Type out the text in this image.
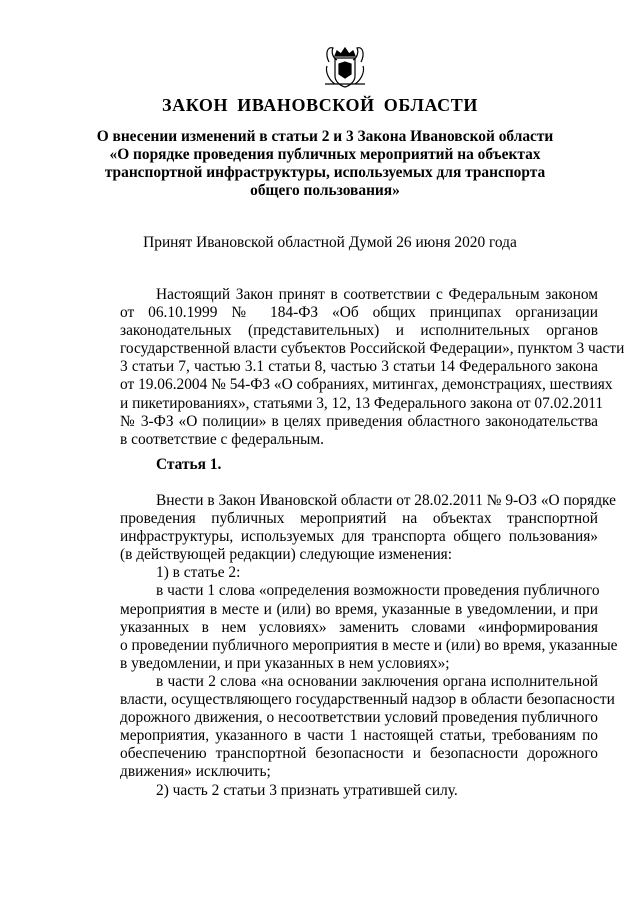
ЗАКОН ИВАНОВСКОЙ ОБЛАСТИ
О внесении изменений в статьи 2 и 3 Закона Ивановской области
«О порядке проведения публичных мероприятий на объектах
транспортной инфраструктуры, используемых для транспорта
общего пользования»
Принят Ивановской областной Думой 26 июня 2020 года
Настоящий Закон принят в соответствии с Федеральным законом
от 06.10.1999 № 184-ФЗ «Об общих принципах организации
законодательных (представительных) и исполнительных органов
государственной власти субъектов Российской Федерации», пунктом 3 части
3 статьи 7, частью 3.1 статьи 8, частью 3 статьи 14 Федерального закона
от 19.06.2004 № 54-ФЗ «О собраниях, митингах, демонстрациях, шествиях
и пикетированиях», статьями 3, 12, 13 Федерального закона от 07.02.2011
№ 3-ФЗ «О полиции» в целях приведения областного законодательства
в соответствие с федеральным.
Статья 1.
Внести в Закон Ивановской области от 28.02.2011 № 9-ОЗ «О порядке
проведения публичных мероприятий на объектах транспортной
инфраструктуры, используемых для транспорта общего пользования»
(в действующей редакции) следующие изменения:
1) в статье 2:
в части 1 слова «определения возможности проведения публичного
мероприятия в месте и (или) во время, указанные в уведомлении, и при
указанных в нем условиях» заменить словами «информирования
о проведении публичного мероприятия в месте и (или) во время, указанные
в уведомлении, и при указанных в нем условиях»;
в части 2 слова «на основании заключения органа исполнительной
власти, осуществляющего государственный надзор в области безопасности
дорожного движения, о несоответствии условий проведения публичного
мероприятия, указанного в части 1 настоящей статьи, требованиям по
обеспечению транспортной безопасности и безопасности дорожного
движения» исключить;
2) часть 2 статьи 3 признать утратившей силу.
